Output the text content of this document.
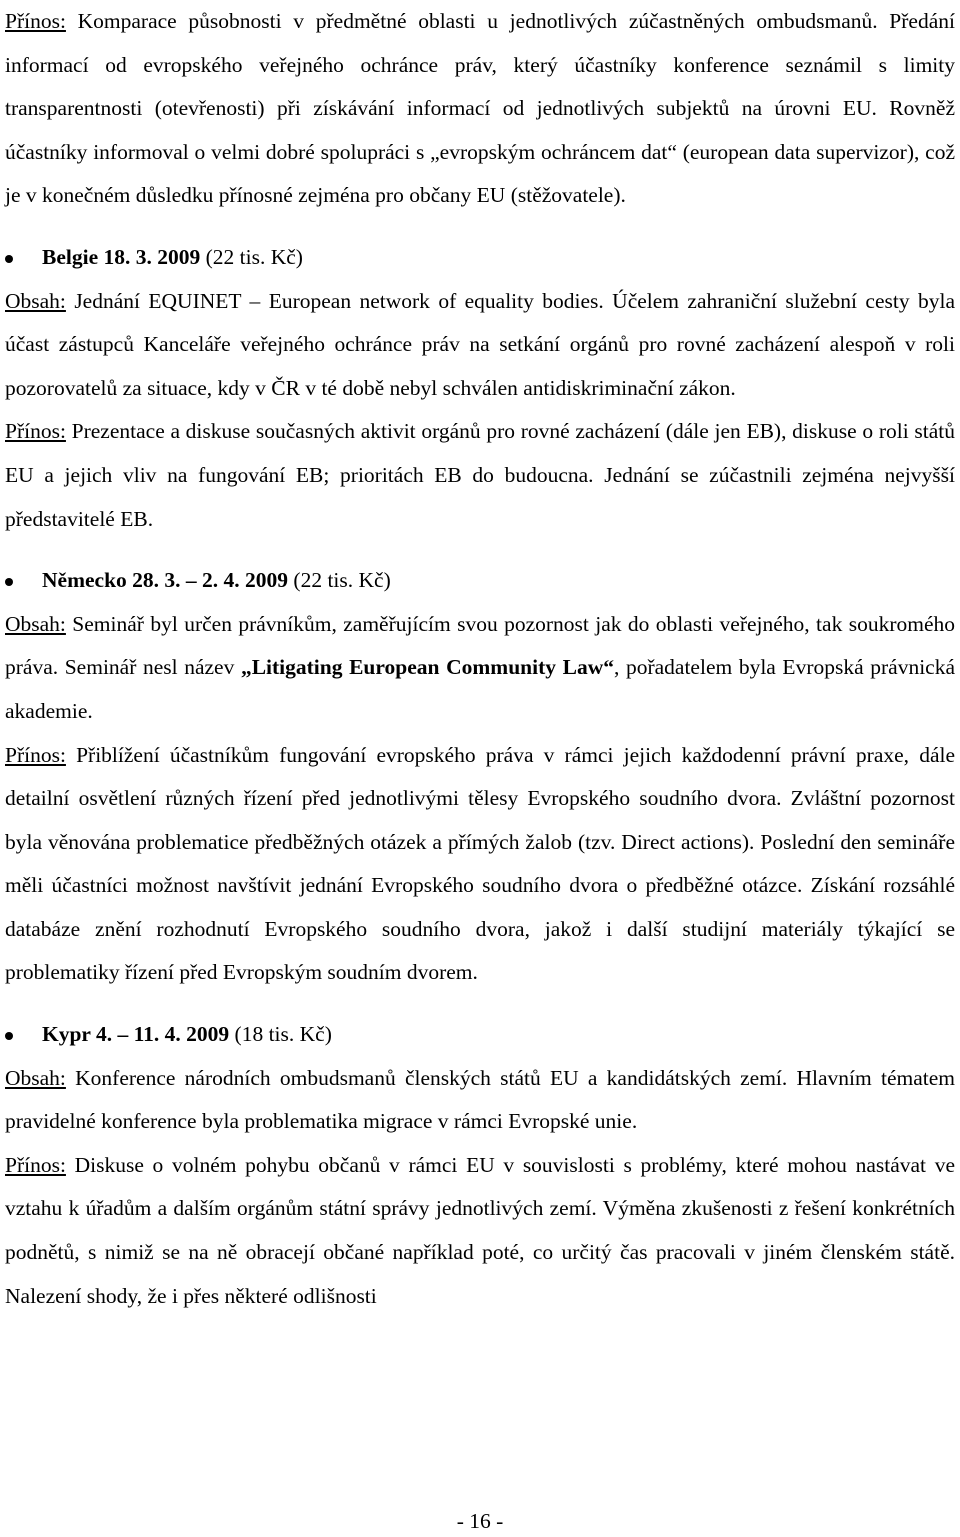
Přínos: Komparace působnosti v předmětné oblasti u jednotlivých zúčastněných ombudsmanů. Předání informací od evropského veřejného ochránce práv, který účastníky konference seznámil s limity transparentnosti (otevřenosti) při získávání informací od jednotlivých subjektů na úrovni EU. Rovněž účastníky informoval o velmi dobré spolupráci s „evropským ochráncem dat“ (european data supervizor), což je v konečném důsledku přínosné zejména pro občany EU (stěžovatele).

Belgie 18. 3. 2009 (22 tis. Kč)

Obsah: Jednání EQUINET – European network of equality bodies. Účelem zahraniční služební cesty byla účast zástupců Kanceláře veřejného ochránce práv na setkání orgánů pro rovné zacházení alespoň v roli pozorovatelů za situace, kdy v ČR v té době nebyl schválen antidiskriminační zákon.

Přínos: Prezentace a diskuse současných aktivit orgánů pro rovné zacházení (dále jen EB), diskuse o roli států EU a jejich vliv na fungování EB; prioritách EB do budoucna. Jednání se zúčastnili zejména nejvyšší představitelé EB.

Německo 28. 3. – 2. 4. 2009 (22 tis. Kč)

Obsah: Seminář byl určen právníkům, zaměřujícím svou pozornost jak do oblasti veřejného, tak soukromého práva. Seminář nesl název „Litigating European Community Law“, pořadatelem byla Evropská právnická akademie.

Přínos: Přiblížení účastníkům fungování evropského práva v rámci jejich každodenní právní praxe, dále detailní osvětlení různých řízení před jednotlivými tělesy Evropského soudního dvora. Zvláštní pozornost byla věnována problematice předběžných otázek a přímých žalob (tzv. Direct actions). Poslední den semináře měli účastníci možnost navštívit jednání Evropského soudního dvora o předběžné otázce. Získání rozsáhlé databáze znění rozhodnutí Evropského soudního dvora, jakož i další studijní materiály týkající se problematiky řízení před Evropským soudním dvorem.

Kypr 4. – 11. 4. 2009 (18 tis. Kč)

Obsah: Konference národních ombudsmanů členských států EU a kandidátských zemí. Hlavním tématem pravidelné konference byla problematika migrace v rámci Evropské unie.

Přínos: Diskuse o volném pohybu občanů v rámci EU v souvislosti s problémy, které mohou nastávat ve vztahu k úřadům a dalším orgánům státní správy jednotlivých zemí. Výměna zkušenosti z řešení konkrétních podnětů, s nimiž se na ně obracejí občané například poté, co určitý čas pracovali v jiném členském státě. Nalezení shody, že i přes některé odlišnosti

- 16 -
